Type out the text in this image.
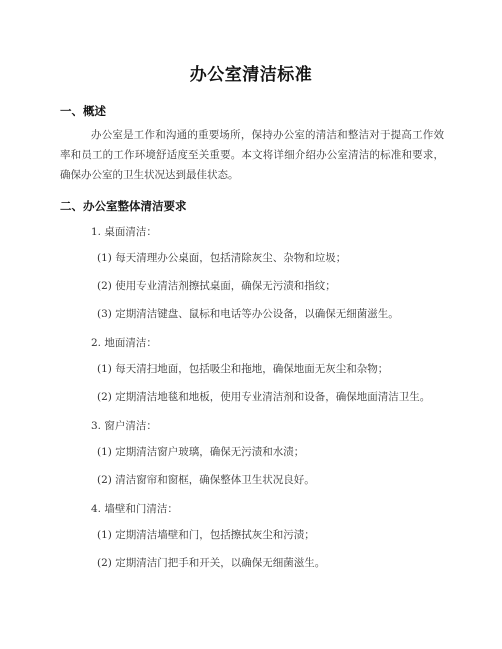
办公室清洁标准
一、概述
办公室是工作和沟通的重要场所，保持办公室的清洁和整洁对于提高工作效率和员工的工作环境舒适度至关重要。本文将详细介绍办公室清洁的标准和要求，确保办公室的卫生状况达到最佳状态。
二、办公室整体清洁要求
1. 桌面清洁：
(1) 每天清理办公桌面，包括清除灰尘、杂物和垃圾；
(2) 使用专业清洁剂擦拭桌面，确保无污渍和指纹；
(3) 定期清洁键盘、鼠标和电话等办公设备，以确保无细菌滋生。
2. 地面清洁：
(1) 每天清扫地面，包括吸尘和拖地，确保地面无灰尘和杂物；
(2) 定期清洁地毯和地板，使用专业清洁剂和设备，确保地面清洁卫生。
3. 窗户清洁：
(1) 定期清洁窗户玻璃，确保无污渍和水渍；
(2) 清洁窗帘和窗框，确保整体卫生状况良好。
4. 墙壁和门清洁：
(1) 定期清洁墙壁和门，包括擦拭灰尘和污渍；
(2) 定期清洁门把手和开关，以确保无细菌滋生。
